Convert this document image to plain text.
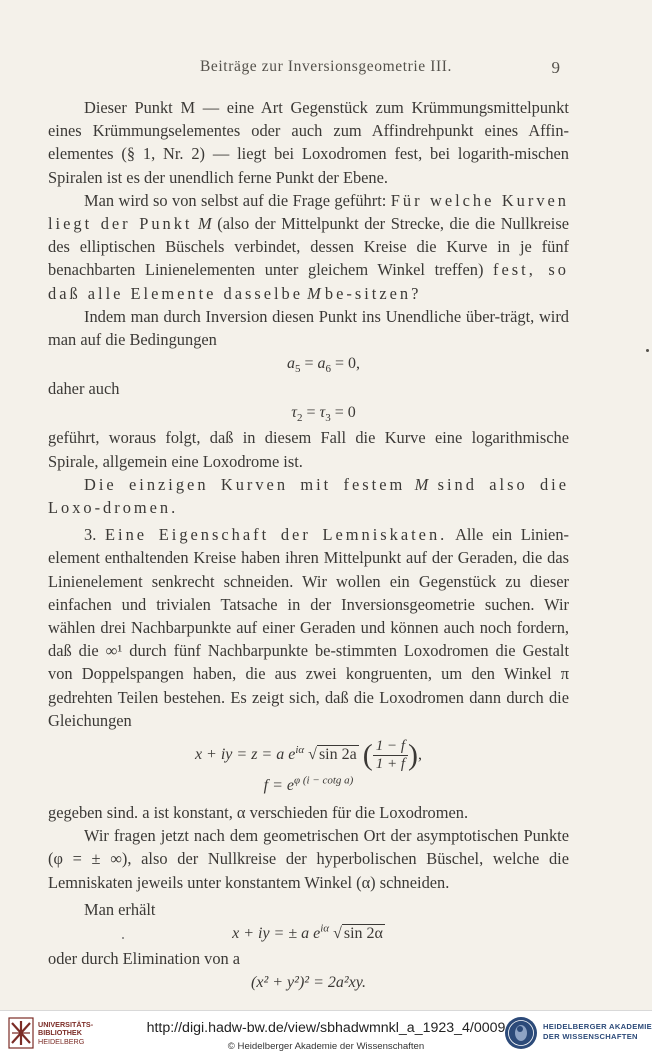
Beiträge zur Inversionsgeometrie III.	9

Dieser Punkt M — eine Art Gegenstück zum Krümmungsmittelpunkt eines Krümmungselementes oder auch zum Affindrehpunkt eines Affin-elementes (§ 1, Nr. 2) — liegt bei Loxodromen fest, bei logarith-mischen Spiralen ist es der unendlich ferne Punkt der Ebene.

Man wird so von selbst auf die Frage geführt: Für welche Kurven liegt der Punkt M (also der Mittelpunkt der Strecke, die die Nullkreise des elliptischen Büschels verbindet, dessen Kreise die Kurve in je fünf benachbarten Linienelementen unter gleichem Winkel treffen) fest, so daß alle Elemente dasselbe M be-sitzen?

Indem man durch Inversion diesen Punkt ins Unendliche über-trägt, wird man auf die Bedingungen

$a_5 = a_6 = 0$,

daher auch

$\tau_2 = \tau_3 = 0$

geführt, woraus folgt, daß in diesem Fall die Kurve eine logarithmische Spirale, allgemein eine Loxodrome ist.

Die einzigen Kurven mit festem M sind also die Loxo-dromen.

3. Eine Eigenschaft der Lemniskaten. Alle ein Linien-element enthaltenden Kreise haben ihren Mittelpunkt auf der Geraden, die das Linienelement senkrecht schneiden. Wir wollen ein Gegenstück zu dieser einfachen und trivialen Tatsache in der Inversionsgeometrie suchen. Wir wählen drei Nachbarpunkte auf einer Geraden und können auch noch fordern, daß die ∞¹ durch fünf Nachbarpunkte be-stimmten Loxodromen die Gestalt von Doppelspangen haben, die aus zwei kongruenten, um den Winkel π gedrehten Teilen bestehen. Es zeigt sich, daß die Loxodromen dann durch die Gleichungen

x + iy = z = a $e^{i\alpha}$ √ sin 2a ( $\frac{1 - f}{1 + f}$ ),
$f = e^{\varphi (i - cotg a)}$

gegeben sind. a ist konstant, α verschieden für die Loxodromen.

Wir fragen jetzt nach dem geometrischen Ort der asymptotischen Punkte (φ = ± ∞), also der Nullkreise der hyperbolischen Büschel, welche die Lemniskaten jeweils unter konstantem Winkel (α) schneiden.

Man erhält

x + iy = ± a $e^{i\alpha}$ √ sin 2α

oder durch Elimination von a

(x² + y²)² = 2a²xy.
UNIVERSITÄTS-
BIBLIOTHEK
HEIDELBERG
http://digi.hadw-bw.de/view/sbhadwmnkl_a_1923_4/0009
© Heidelberger Akademie der Wissenschaften
HEIDELBERGER AKADEMIE
DER WISSENSCHAFTEN
